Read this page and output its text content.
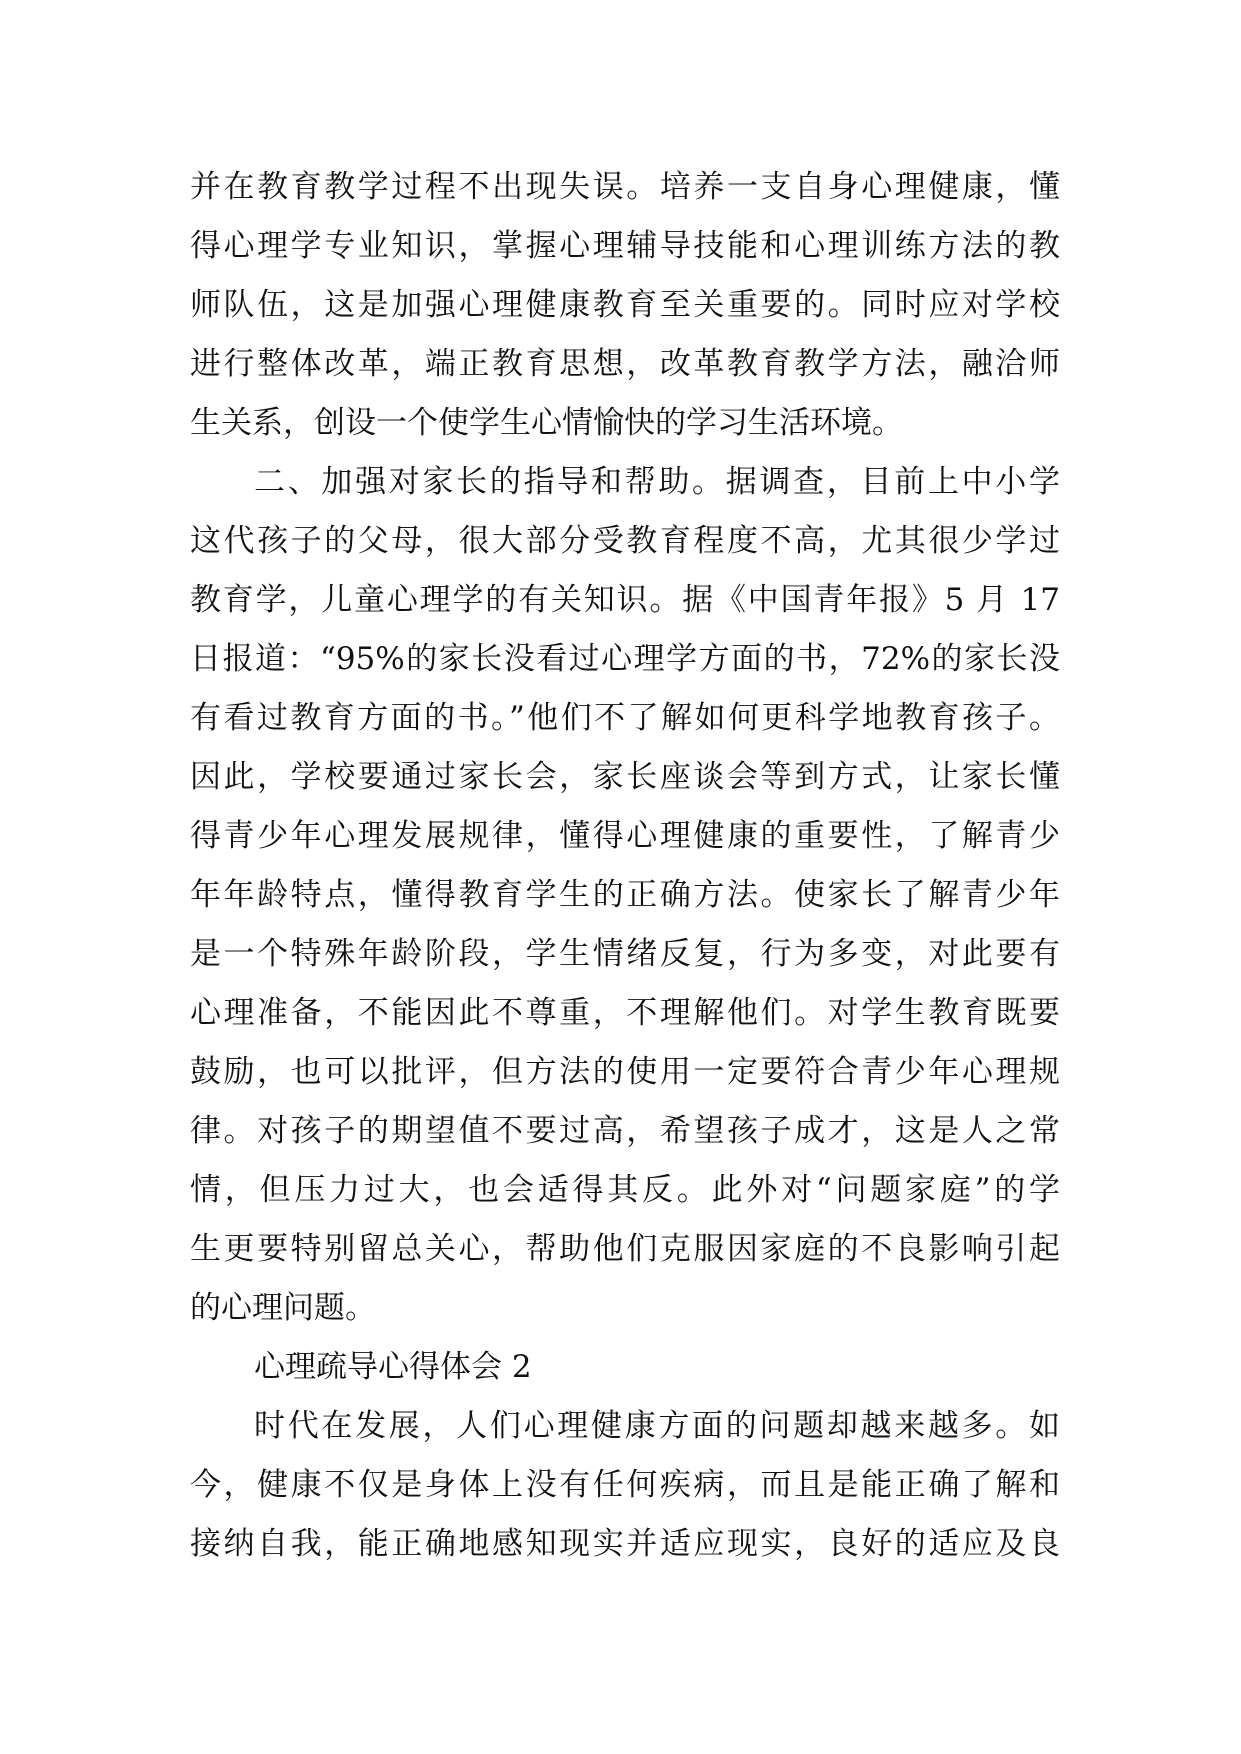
并在教育教学过程不出现失误。培养一支自身心理健康，懂
得心理学专业知识，掌握心理辅导技能和心理训练方法的教
师队伍，这是加强心理健康教育至关重要的。同时应对学校
进行整体改革，端正教育思想，改革教育教学方法，融洽师
生关系，创设一个使学生心情愉快的学习生活环境。
二、加强对家长的指导和帮助。据调查，目前上中小学
这代孩子的父母，很大部分受教育程度不高，尤其很少学过
教育学，儿童心理学的有关知识。据《中国青年报》5 月 17
日报道：“95%的家长没看过心理学方面的书，72%的家长没
有看过教育方面的书。”他们不了解如何更科学地教育孩子。
因此，学校要通过家长会，家长座谈会等到方式，让家长懂
得青少年心理发展规律，懂得心理健康的重要性，了解青少
年年龄特点，懂得教育学生的正确方法。使家长了解青少年
是一个特殊年龄阶段，学生情绪反复，行为多变，对此要有
心理准备，不能因此不尊重，不理解他们。对学生教育既要
鼓励，也可以批评，但方法的使用一定要符合青少年心理规
律。对孩子的期望值不要过高，希望孩子成才，这是人之常
情，但压力过大，也会适得其反。此外对“问题家庭”的学
生更要特别留总关心，帮助他们克服因家庭的不良影响引起
的心理问题。
心理疏导心得体会 2
时代在发展，人们心理健康方面的问题却越来越多。如
今，健康不仅是身体上没有任何疾病，而且是能正确了解和
接纳自我，能正确地感知现实并适应现实，良好的适应及良
